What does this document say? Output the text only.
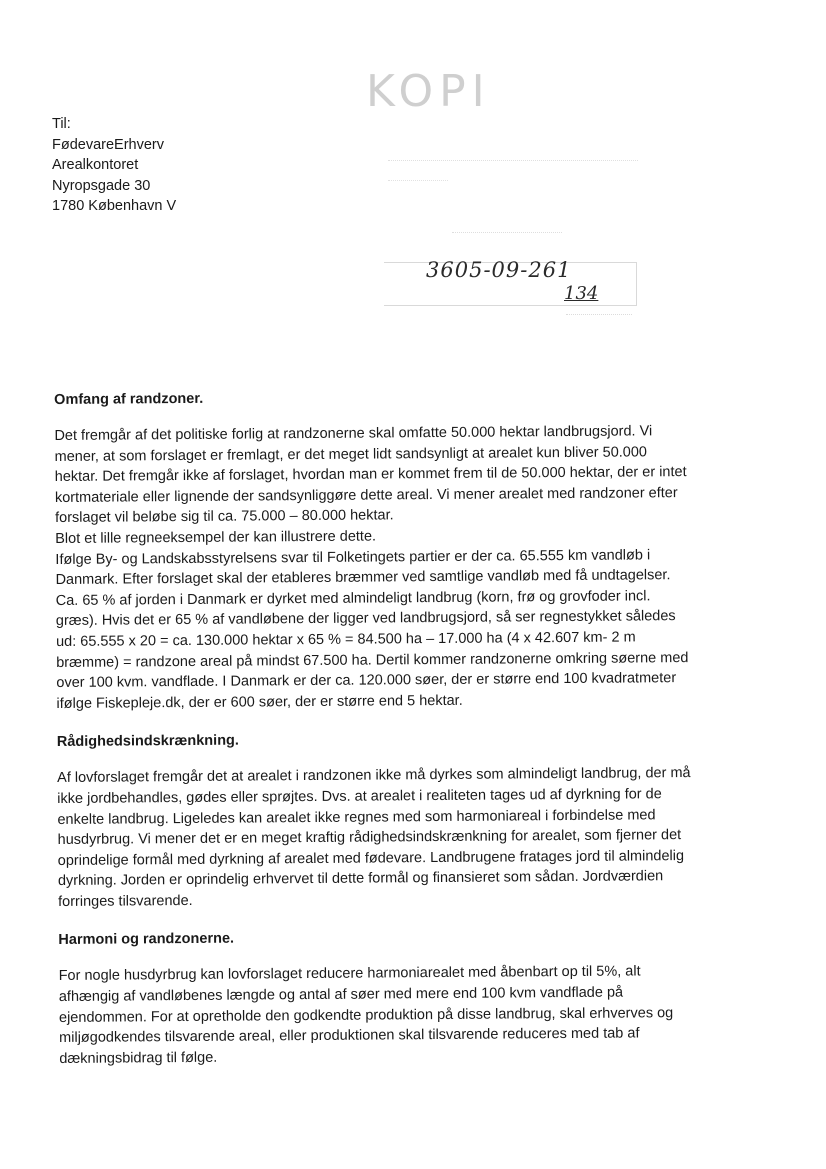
KOPI
3605-09-261
134
Til:
FødevareErhverv
Arealkontoret
Nyropsgade 30
1780 København V
Omfang af randzoner.
Det fremgår af det politiske forlig at randzonerne skal omfatte 50.000 hektar landbrugsjord. Vi
mener, at som forslaget er fremlagt, er det meget lidt sandsynligt at arealet kun bliver 50.000
hektar. Det fremgår ikke af forslaget, hvordan man er kommet frem til de 50.000 hektar, der er intet
kortmateriale eller lignende der sandsynliggøre dette areal. Vi mener arealet med randzoner efter
forslaget vil beløbe sig til ca. 75.000 – 80.000 hektar.
Blot et lille regneeksempel der kan illustrere dette.
Ifølge By- og Landskabsstyrelsens svar til Folketingets partier er der ca. 65.555 km vandløb i
Danmark. Efter forslaget skal der etableres bræmmer ved samtlige vandløb med få undtagelser.
Ca. 65 % af jorden i Danmark er dyrket med almindeligt landbrug (korn, frø og grovfoder incl.
græs). Hvis det er 65 % af vandløbene der ligger ved landbrugsjord, så ser regnestykket således
ud: 65.555 x 20 = ca. 130.000 hektar x 65 % = 84.500 ha – 17.000 ha (4 x 42.607 km- 2 m
bræmme) = randzone areal på mindst 67.500 ha. Dertil kommer randzonerne omkring søerne med
over 100 kvm. vandflade. I Danmark er der ca. 120.000 søer, der er større end 100 kvadratmeter
ifølge Fiskepleje.dk, der er 600 søer, der er større end 5 hektar.
Rådighedsindskrænkning.
Af lovforslaget fremgår det at arealet i randzonen ikke må dyrkes som almindeligt landbrug, der må
ikke jordbehandles, gødes eller sprøjtes. Dvs. at arealet i realiteten tages ud af dyrkning for de
enkelte landbrug. Ligeledes kan arealet ikke regnes med som harmoniareal i forbindelse med
husdyrbrug. Vi mener det er en meget kraftig rådighedsindskrænkning for arealet, som fjerner det
oprindelige formål med dyrkning af arealet med fødevare. Landbrugene fratages jord til almindelig
dyrkning. Jorden er oprindelig erhvervet til dette formål og finansieret som sådan. Jordværdien
forringes tilsvarende.
Harmoni og randzonerne.
For nogle husdyrbrug kan lovforslaget reducere harmoniarealet med åbenbart op til 5%, alt
afhængig af vandløbenes længde og antal af søer med mere end 100 kvm vandflade på
ejendommen. For at opretholde den godkendte produktion på disse landbrug, skal erhverves og
miljøgodkendes tilsvarende areal, eller produktionen skal tilsvarende reduceres med tab af
dækningsbidrag til følge.
